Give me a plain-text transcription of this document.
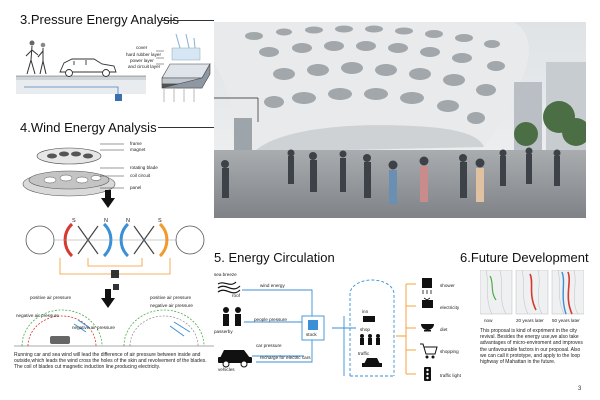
3.Pressure Energy Analysis
cover
hard rubber layer
power layer
and circuit layer
4.Wind Energy Analysis
frame
magnet
rotating blade
coil circuit
panel
S	N	N	S
positive air pressure	positive air pressure
negative air pressure
negative air pressure
negative air pressure
Running car and sea wind will lead the difference of air pressure between inside and outside,which leads the wind cross the holes of the skin and revolvement of the blades. The coil of blades cut magnetic induction line,producing electricity.
5. Energy Circulation
sea breeze
roof
passerby
car pressure
vehicles
wind energy
people pressure
recharge for electric cars
stock
inn
shop
traffic
shower
electricity
diet
shopping
traffic light
6.Future Development
now	20 years later 50 years later
This proposal is kind of expriment in the city revival. Besides the energy use,we also take advantages of micro-enviroment and improves the unfavourable factors in our proposal. Also we can call it prototype, and apply to the loop highway of Mahattan in the future.
3
